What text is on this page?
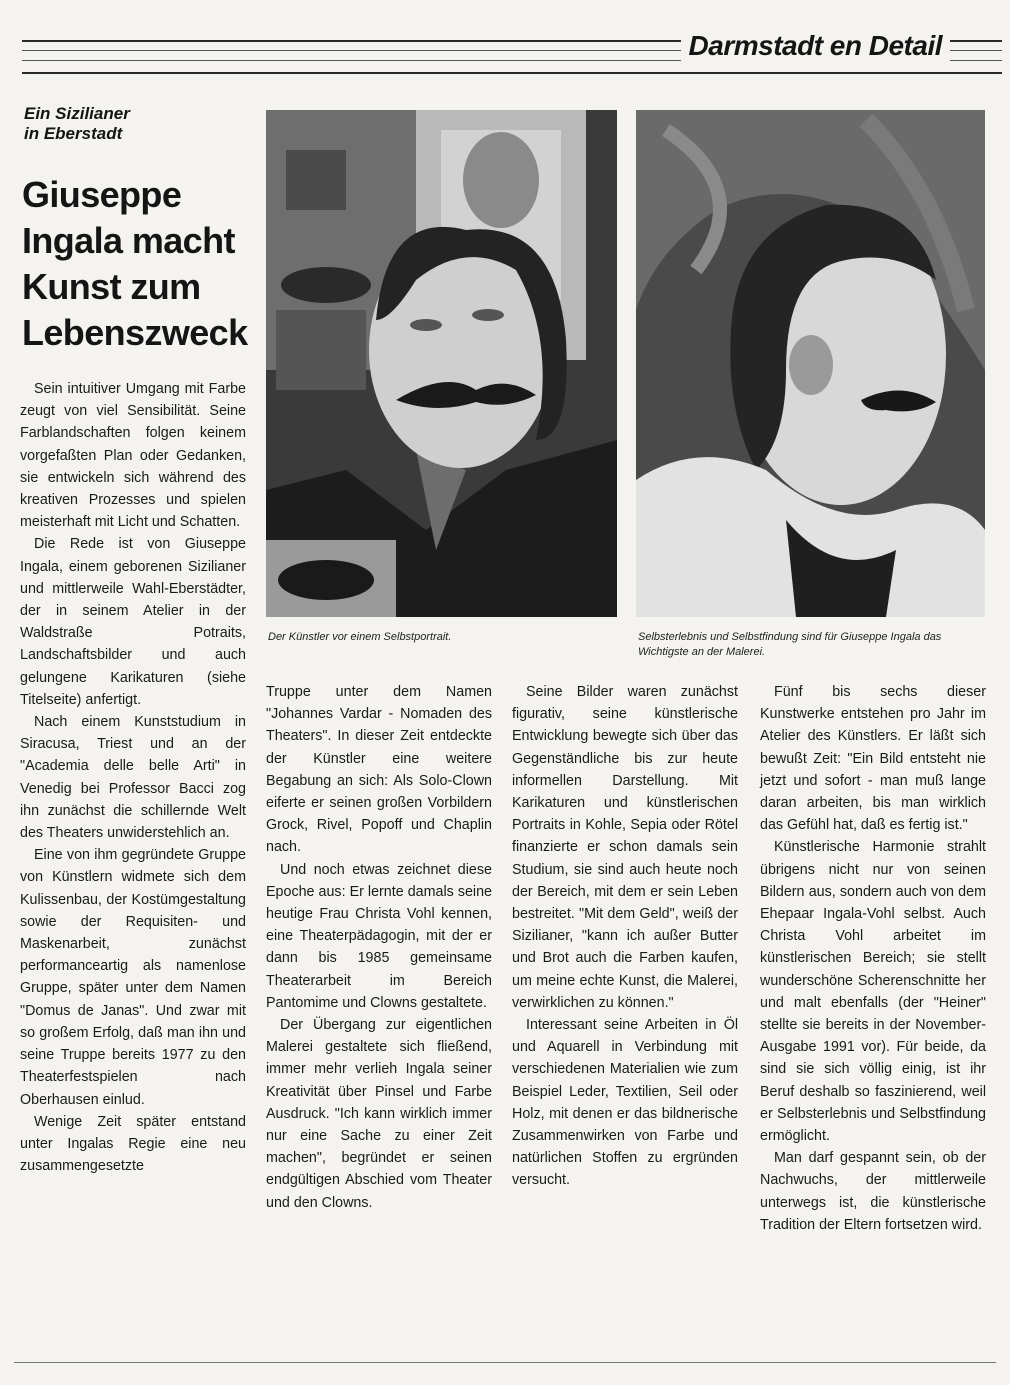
Darmstadt en Detail
Ein Sizilianer
in Eberstadt
Giuseppe
Ingala macht
Kunst zum
Lebenszweck

Sein intuitiver Umgang mit Farbe zeugt von viel Sensibilität. Seine Farblandschaften folgen keinem vorgefaßten Plan oder Gedanken, sie entwickeln sich während des kreativen Prozesses und spielen meisterhaft mit Licht und Schatten.

Die Rede ist von Giuseppe Ingala, einem geborenen Sizilianer und mittlerweile Wahl-Eberstädter, der in seinem Atelier in der Waldstraße Potraits, Landschaftsbilder und auch gelungene Karikaturen (siehe Titelseite) anfertigt.

Nach einem Kunststudium in Siracusa, Triest und an der "Academia delle belle Arti" in Venedig bei Professor Bacci zog ihn zunächst die schillernde Welt des Theaters unwiderstehlich an.

Eine von ihm gegründete Gruppe von Künstlern widmete sich dem Kulissenbau, der Kostümgestaltung sowie der Requisiten- und Maskenarbeit, zunächst performanceartig als namenlose Gruppe, später unter dem Namen "Domus de Janas". Und zwar mit so großem Erfolg, daß man ihn und seine Truppe bereits 1977 zu den Theaterfestspielen nach Oberhausen einlud.

Wenige Zeit später entstand unter Ingalas Regie eine neu zusammengesetzte

Der Künstler vor einem Selbstportrait.	Selbsterlebnis und Selbstfindung sind für Giuseppe Ingala das Wichtigste an der Malerei.

Truppe unter dem Namen "Johannes Vardar - Nomaden des Theaters". In dieser Zeit entdeckte der Künstler eine weitere Begabung an sich: Als Solo-Clown eiferte er seinen großen Vorbildern Grock, Rivel, Popoff und Chaplin nach.

Und noch etwas zeichnet diese Epoche aus: Er lernte damals seine heutige Frau Christa Vohl kennen, eine Theaterpädagogin, mit der er dann bis 1985 gemeinsame Theaterarbeit im Bereich Pantomime und Clowns gestaltete.

Der Übergang zur eigentlichen Malerei gestaltete sich fließend, immer mehr verlieh Ingala seiner Kreativität über Pinsel und Farbe Ausdruck. "Ich kann wirklich immer nur eine Sache zu einer Zeit machen", begründet er seinen endgültigen Abschied vom Theater und den Clowns.

Seine Bilder waren zunächst figurativ, seine künstlerische Entwicklung bewegte sich über das Gegenständliche bis zur heute informellen Darstellung. Mit Karikaturen und künstlerischen Portraits in Kohle, Sepia oder Rötel finanzierte er schon damals sein Studium, sie sind auch heute noch der Bereich, mit dem er sein Leben bestreitet. "Mit dem Geld", weiß der Sizilianer, "kann ich außer Butter und Brot auch die Farben kaufen, um meine echte Kunst, die Malerei, verwirklichen zu können."

Interessant seine Arbeiten in Öl und Aquarell in Verbindung mit verschiedenen Materialien wie zum Beispiel Leder, Textilien, Seil oder Holz, mit denen er das bildnerische Zusammenwirken von Farbe und natürlichen Stoffen zu ergründen versucht.

Fünf bis sechs dieser Kunstwerke entstehen pro Jahr im Atelier des Künstlers. Er läßt sich bewußt Zeit: "Ein Bild entsteht nie jetzt und sofort - man muß lange daran arbeiten, bis man wirklich das Gefühl hat, daß es fertig ist."

Künstlerische Harmonie strahlt übrigens nicht nur von seinen Bildern aus, sondern auch von dem Ehepaar Ingala-Vohl selbst. Auch Christa Vohl arbeitet im künstlerischen Bereich; sie stellt wunderschöne Scherenschnitte her und malt ebenfalls (der "Heiner" stellte sie bereits in der November-Ausgabe 1991 vor). Für beide, da sind sie sich völlig einig, ist ihr Beruf deshalb so faszinierend, weil er Selbsterlebnis und Selbstfindung ermöglicht.

Man darf gespannt sein, ob der Nachwuchs, der mittlerweile unterwegs ist, die künstlerische Tradition der Eltern fortsetzen wird.
